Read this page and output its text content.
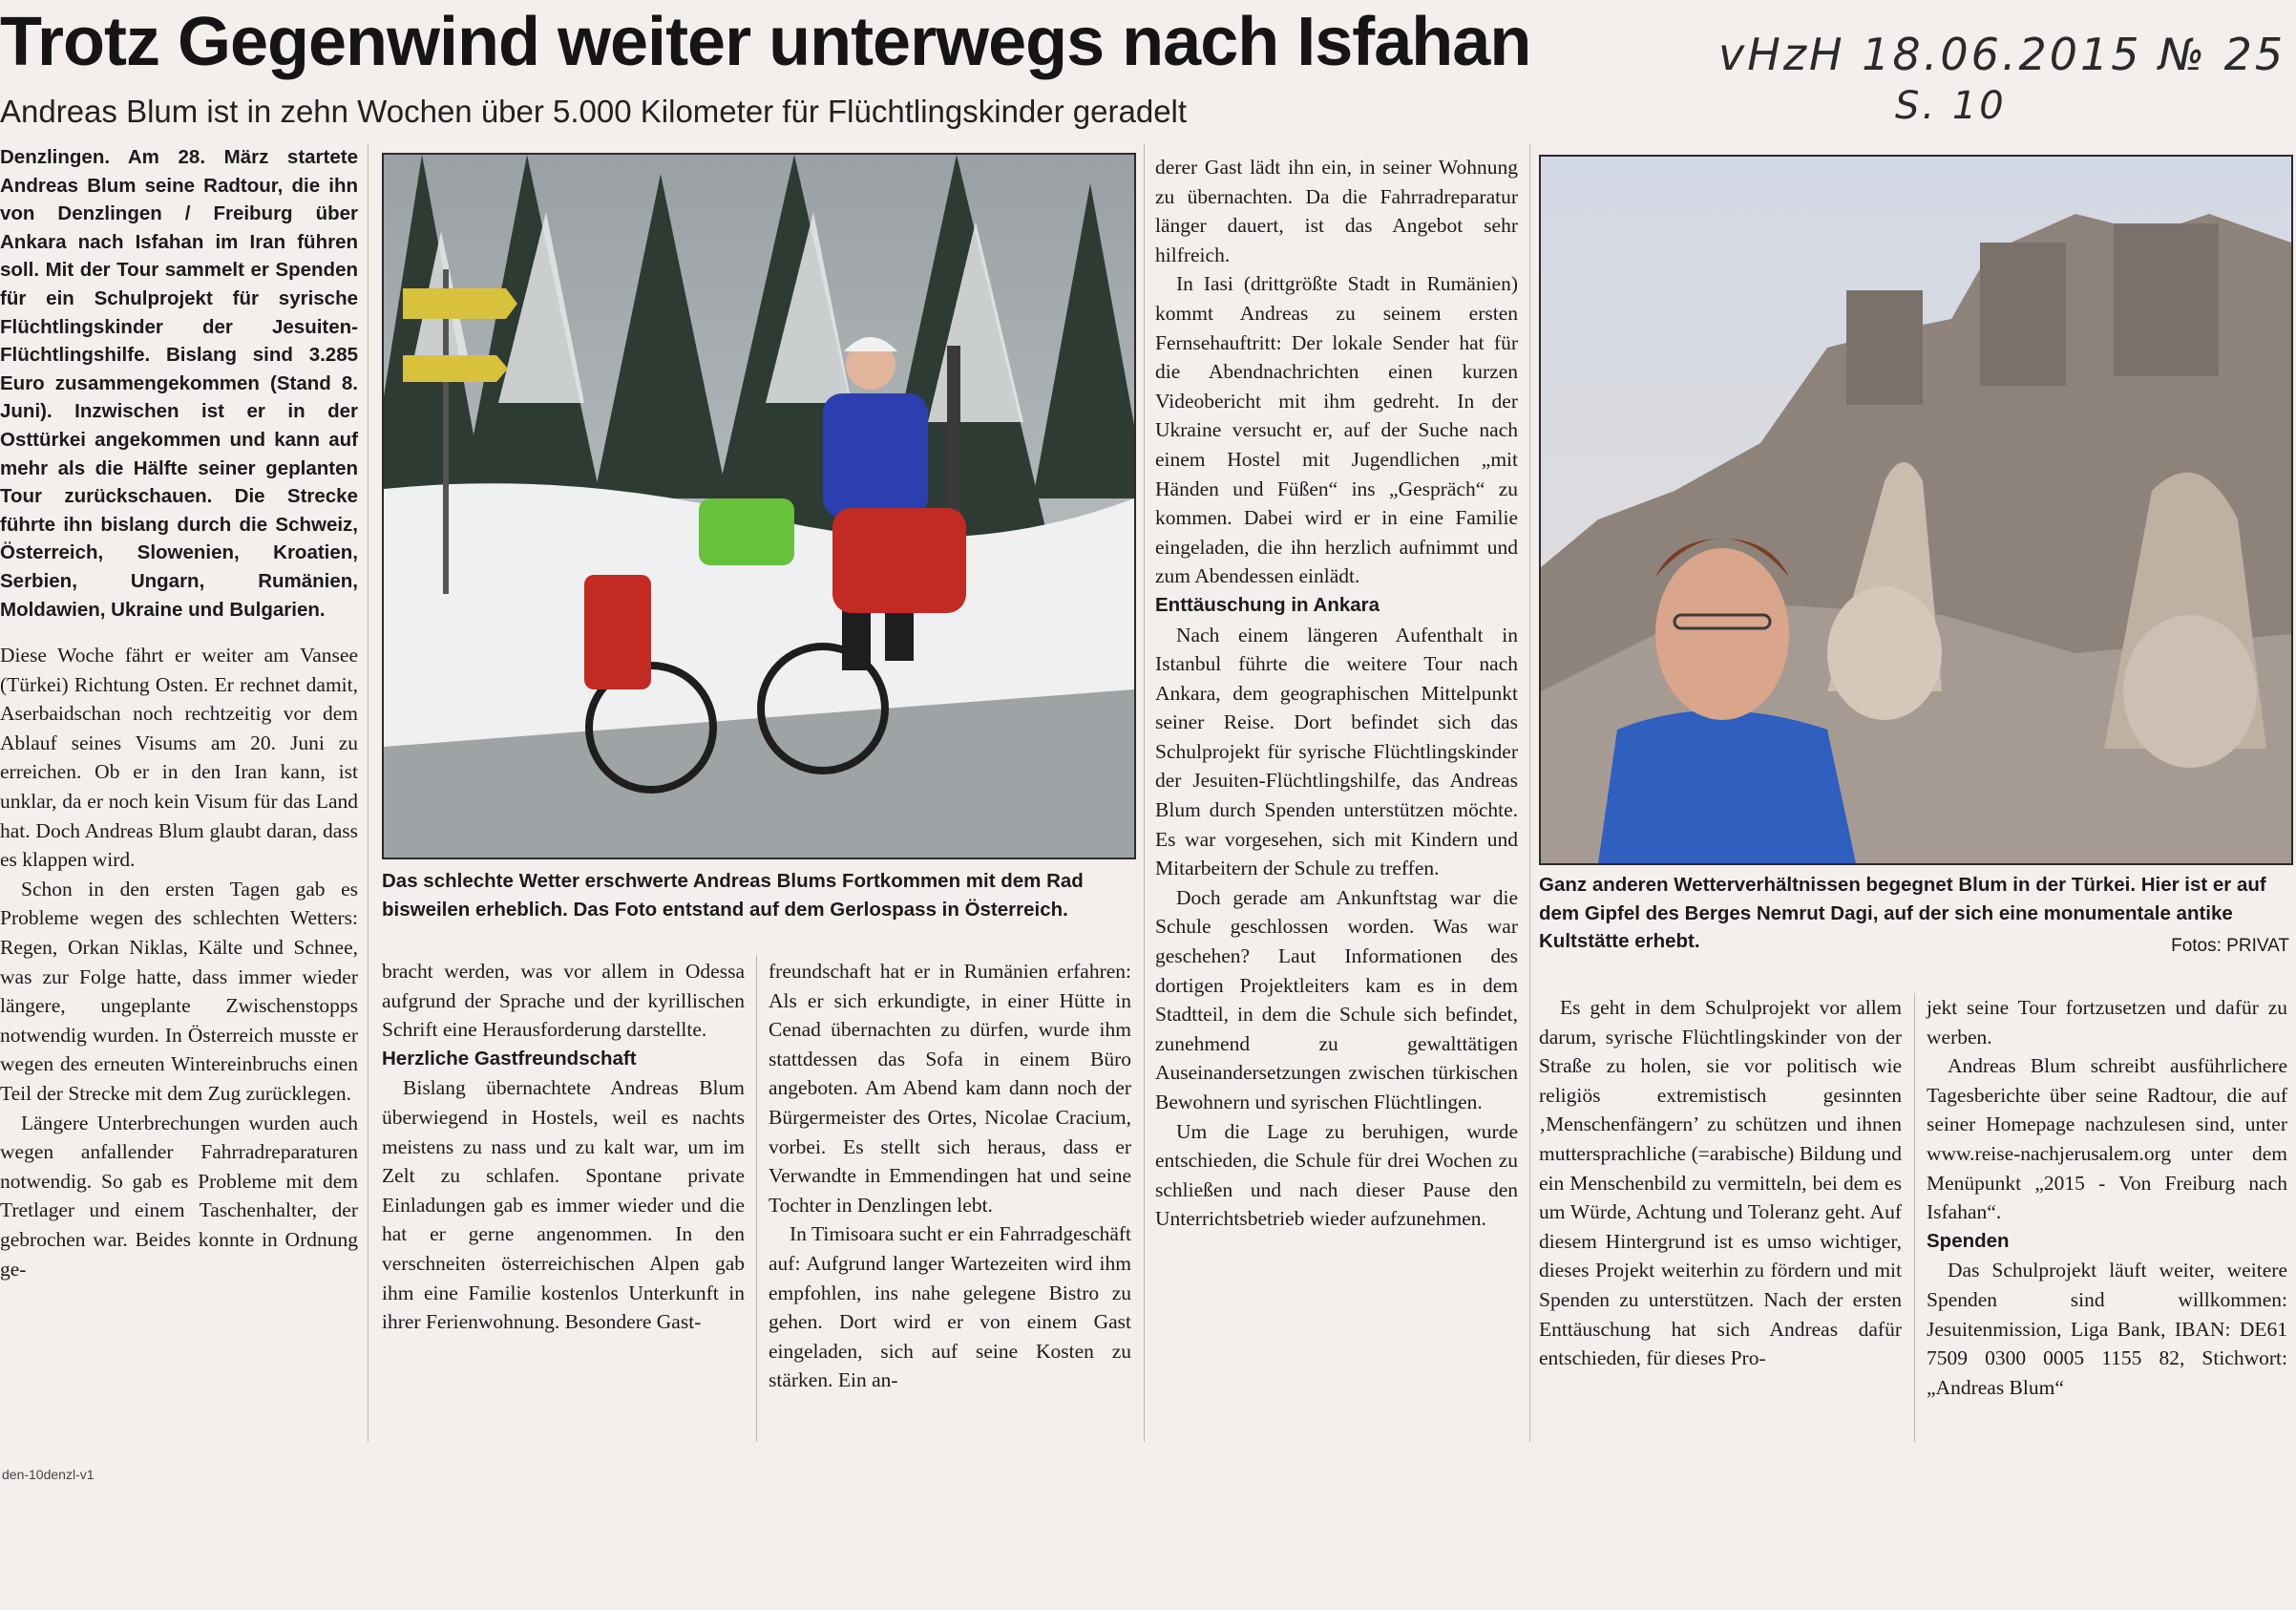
Trotz Gegenwind weiter unterwegs nach Isfahan
Andreas Blum ist in zehn Wochen über 5.000 Kilometer für Flüchtlingskinder geradelt
vHzH 18.06.2015 № 25
S. 10

Denzlingen. Am 28. März startete Andreas Blum seine Radtour, die ihn von Denzlingen / Freiburg über Ankara nach Isfahan im Iran führen soll. Mit der Tour sammelt er Spenden für ein Schulprojekt für syrische Flüchtlingskinder der Jesuiten-Flüchtlingshilfe. Bislang sind 3.285 Euro zusammengekommen (Stand 8. Juni). Inzwischen ist er in der Osttürkei angekommen und kann auf mehr als die Hälfte seiner geplanten Tour zurückschauen. Die Strecke führte ihn bislang durch die Schweiz, Österreich, Slowenien, Kroatien, Serbien, Ungarn, Rumänien, Moldawien, Ukraine und Bulgarien.

Diese Woche fährt er weiter am Vansee (Türkei) Richtung Osten. Er rechnet damit, Aserbaidschan noch rechtzeitig vor dem Ablauf seines Visums am 20. Juni zu erreichen. Ob er in den Iran kann, ist unklar, da er noch kein Visum für das Land hat. Doch Andreas Blum glaubt daran, dass es klappen wird.

Schon in den ersten Tagen gab es Probleme wegen des schlechten Wetters: Regen, Orkan Niklas, Kälte und Schnee, was zur Folge hatte, dass immer wieder längere, ungeplante Zwischenstopps notwendig wurden. In Österreich musste er wegen des erneuten Wintereinbruchs einen Teil der Strecke mit dem Zug zurücklegen.

Längere Unterbrechungen wurden auch wegen anfallender Fahrradreparaturen notwendig. So gab es Probleme mit dem Tretlager und einem Taschenhalter, der gebrochen war. Beides konnte in Ordnung ge-

Das schlechte Wetter erschwerte Andreas Blums Fortkommen mit dem Rad bisweilen erheblich. Das Foto entstand auf dem Gerlospass in Österreich.

bracht werden, was vor allem in Odessa aufgrund der Sprache und der kyrillischen Schrift eine Herausforderung darstellte.

Herzliche Gastfreundschaft

Bislang übernachtete Andreas Blum überwiegend in Hostels, weil es nachts meistens zu nass und zu kalt war, um im Zelt zu schlafen. Spontane private Einladungen gab es immer wieder und die hat er gerne angenommen. In den verschneiten österreichischen Alpen gab ihm eine Familie kostenlos Unterkunft in ihrer Ferienwohnung. Besondere Gast-

freundschaft hat er in Rumänien erfahren: Als er sich erkundigte, in einer Hütte in Cenad übernachten zu dürfen, wurde ihm stattdessen das Sofa in einem Büro angeboten. Am Abend kam dann noch der Bürgermeister des Ortes, Nicolae Cracium, vorbei. Es stellt sich heraus, dass er Verwandte in Emmendingen hat und seine Tochter in Denzlingen lebt.

In Timisoara sucht er ein Fahrradgeschäft auf: Aufgrund langer Wartezeiten wird ihm empfohlen, ins nahe gelegene Bistro zu gehen. Dort wird er von einem Gast eingeladen, sich auf seine Kosten zu stärken. Ein an-

derer Gast lädt ihn ein, in seiner Wohnung zu übernachten. Da die Fahrradreparatur länger dauert, ist das Angebot sehr hilfreich.

In Iasi (drittgrößte Stadt in Rumänien) kommt Andreas zu seinem ersten Fernsehauftritt: Der lokale Sender hat für die Abendnachrichten einen kurzen Videobericht mit ihm gedreht. In der Ukraine versucht er, auf der Suche nach einem Hostel mit Jugendlichen „mit Händen und Füßen“ ins „Gespräch“ zu kommen. Dabei wird er in eine Familie eingeladen, die ihn herzlich aufnimmt und zum Abendessen einlädt.

Enttäuschung in Ankara

Nach einem längeren Aufenthalt in Istanbul führte die weitere Tour nach Ankara, dem geographischen Mittelpunkt seiner Reise. Dort befindet sich das Schulprojekt für syrische Flüchtlingskinder der Jesuiten-Flüchtlingshilfe, das Andreas Blum durch Spenden unterstützen möchte. Es war vorgesehen, sich mit Kindern und Mitarbeitern der Schule zu treffen.

Doch gerade am Ankunftstag war die Schule geschlossen worden. Was war geschehen? Laut Informationen des dortigen Projektleiters kam es in dem Stadtteil, in dem die Schule sich befindet, zunehmend zu gewalttätigen Auseinandersetzungen zwischen türkischen Bewohnern und syrischen Flüchtlingen.

Um die Lage zu beruhigen, wurde entschieden, die Schule für drei Wochen zu schließen und nach dieser Pause den Unterrichtsbetrieb wieder aufzunehmen.

Ganz anderen Wetterverhältnissen begegnet Blum in der Türkei. Hier ist er auf dem Gipfel des Berges Nemrut Dagi, auf der sich eine monumentale antike Kultstätte erhebt.	Fotos: PRIVAT

Es geht in dem Schulprojekt vor allem darum, syrische Flüchtlingskinder von der Straße zu holen, sie vor politisch wie religiös extremistisch gesinnten ‚Menschenfängern’ zu schützen und ihnen muttersprachliche (=arabische) Bildung und ein Menschenbild zu vermitteln, bei dem es um Würde, Achtung und Toleranz geht. Auf diesem Hintergrund ist es umso wichtiger, dieses Projekt weiterhin zu fördern und mit Spenden zu unterstützen. Nach der ersten Enttäuschung hat sich Andreas dafür entschieden, für dieses Pro-

jekt seine Tour fortzusetzen und dafür zu werben.

Andreas Blum schreibt ausführlichere Tagesberichte über seine Radtour, die auf seiner Homepage nachzulesen sind, unter www.reise-nachjerusalem.org unter dem Menüpunkt „2015 - Von Freiburg nach Isfahan“.

Spenden

Das Schulprojekt läuft weiter, weitere Spenden sind willkommen: Jesuitenmission, Liga Bank, IBAN: DE61 7509 0300 0005 1155 82, Stichwort: „Andreas Blum“

den-10denzl-v1
